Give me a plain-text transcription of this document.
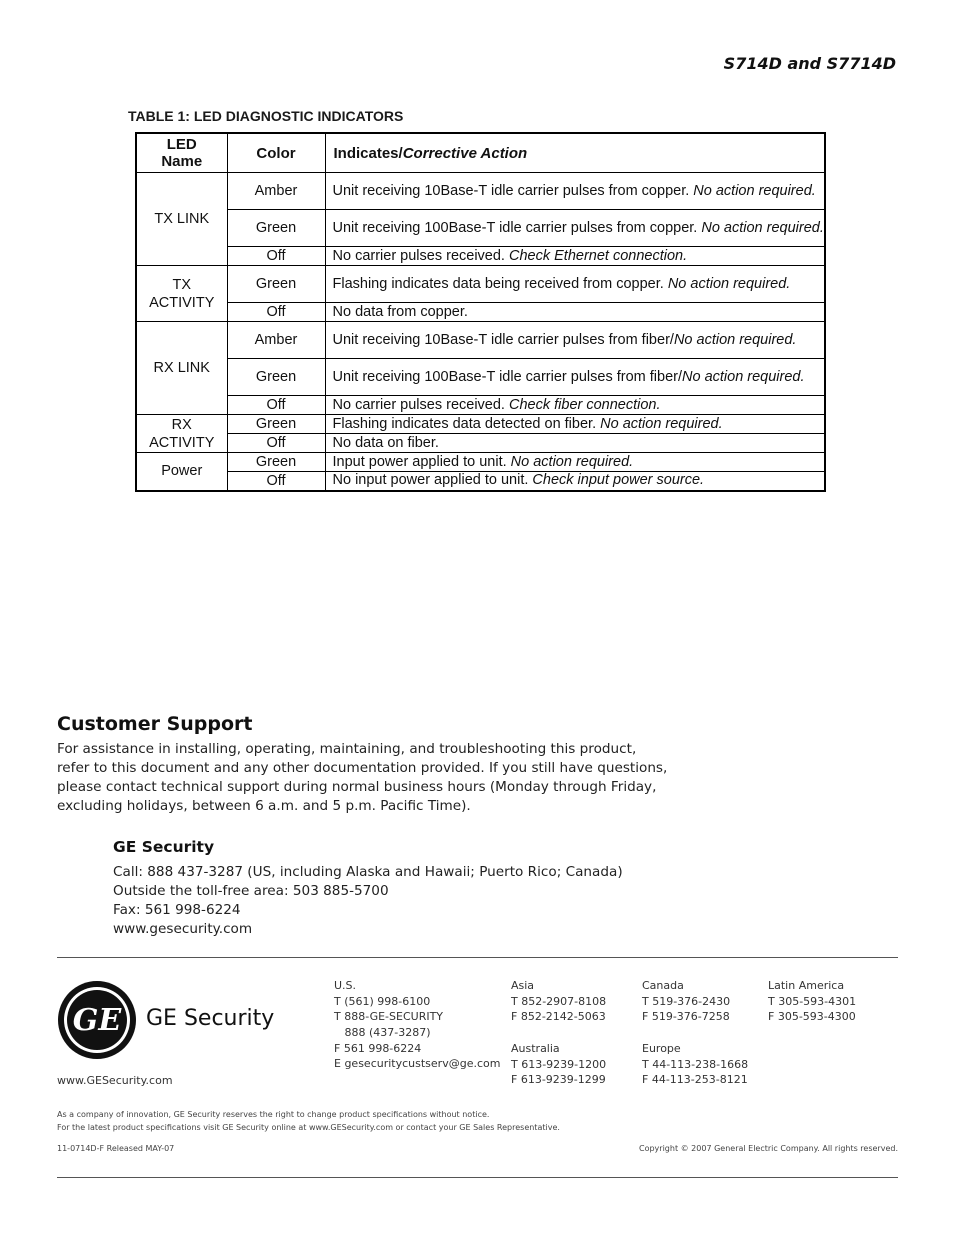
S714D and S7714D
TABLE 1: LED DIAGNOSTIC INDICATORS
LED
Name	Color	Indicates/Corrective Action
TX LINK	Amber	Unit receiving 10Base-T idle carrier pulses from copper. No action required.
	Green	Unit receiving 100Base-T idle carrier pulses from copper. No action required.
	Off	No carrier pulses received. Check Ethernet connection.
TX
ACTIVITY	Green	Flashing indicates data being received from copper. No action required.
	Off	No data from copper.
RX LINK	Amber	Unit receiving 10Base-T idle carrier pulses from fiber/No action required.
	Green	Unit receiving 100Base-T idle carrier pulses from fiber/No action required.
	Off	No carrier pulses received. Check fiber connection.
RX
ACTIVITY	Green	Flashing indicates data detected on fiber. No action required.
	Off	No data on fiber.
Power	Green	Input power applied to unit. No action required.
	Off	No input power applied to unit. Check input power source.
Customer Support
For assistance in installing, operating, maintaining, and troubleshooting this product,
refer to this document and any other documentation provided. If you still have questions,
please contact technical support during normal business hours (Monday through Friday,
excluding holidays, between 6 a.m. and 5 p.m. Pacific Time).
GE Security
Call: 888 437-3287 (US, including Alaska and Hawaii; Puerto Rico; Canada)
Outside the toll-free area: 503 885-5700
Fax: 561 998-6224
www.gesecurity.com
GE GE Security
www.GESecurity.com
U.S.
T (561) 998-6100
T 888-GE-SECURITY
888 (437-3287)
F 561 998-6224
E gesecuritycustserv@ge.com
Asia
T 852-2907-8108
F 852-2142-5063
Australia
T 613-9239-1200
F 613-9239-1299
Canada
T 519-376-2430
F 519-376-7258
Europe
T 44-113-238-1668
F 44-113-253-8121
Latin America
T 305-593-4301
F 305-593-4300
As a company of innovation, GE Security reserves the right to change product specifications without notice.
For the latest product specifications visit GE Security online at www.GESecurity.com or contact your GE Sales Representative.
11-0714D-F Released MAY-07	Copyright © 2007 General Electric Company. All rights reserved.
